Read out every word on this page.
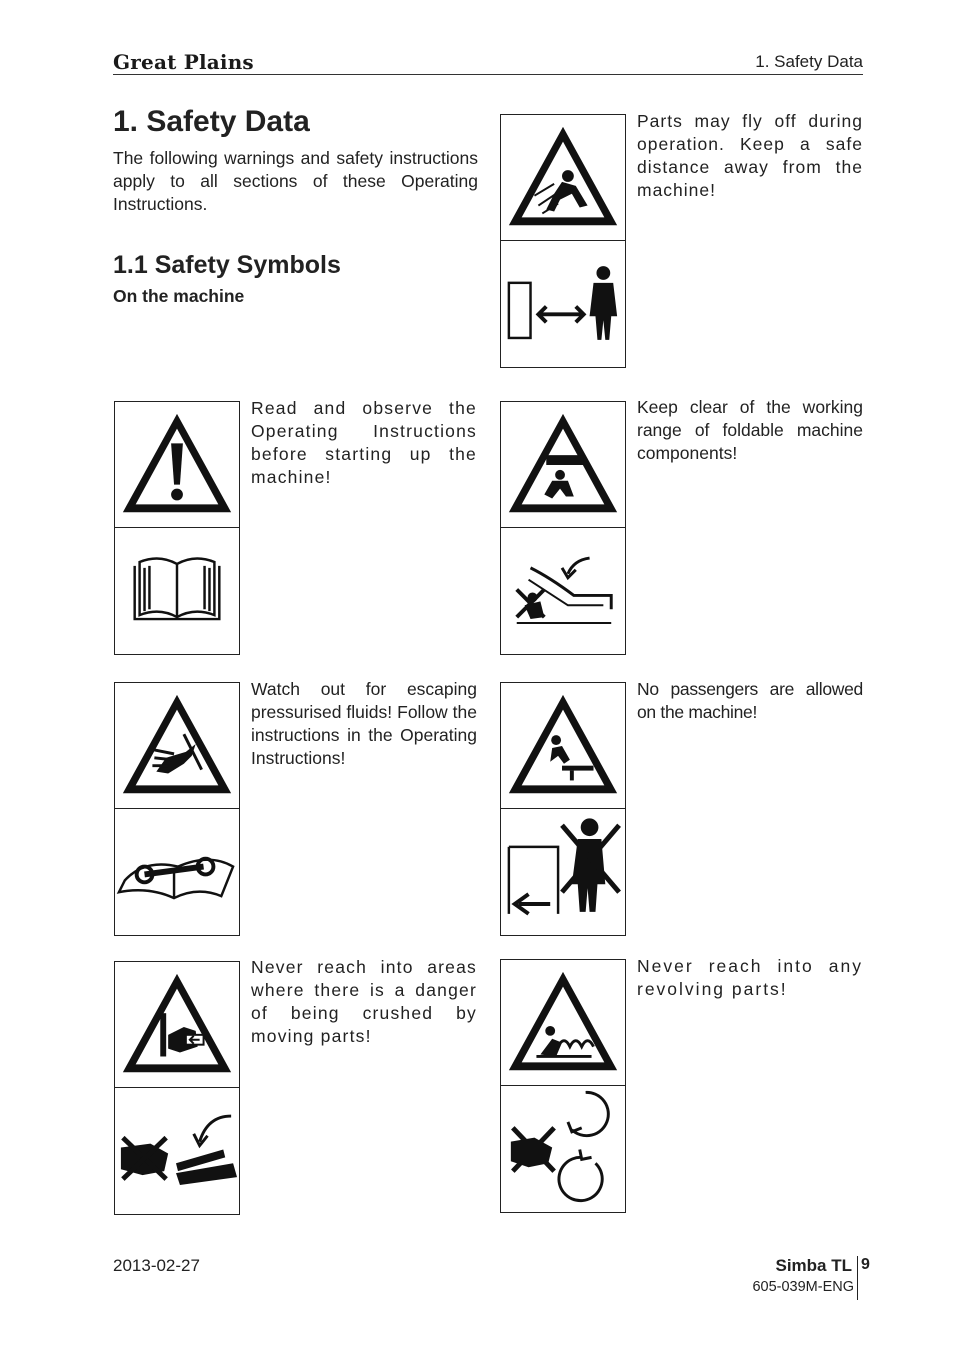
Great Plains	1. Safety Data
1. Safety Data

The following warnings and safety instructions apply to all sections of these Operating Instructions.

1.1 Safety Symbols
On the machine

Read and observe the Operating Instructions before starting up the machine!

Watch out for escaping pressurised fluids! Follow the instructions in the Operating Instructions!

Never reach into areas where there is a danger of being crushed by moving parts!

Parts may fly off during operation. Keep a safe distance away from the machine!

Keep clear of the working range of foldable machine components!

No passengers are allowed on the machine!

Never reach into any revolving parts!

2013-02-27	Simba TL 9
605-039M-ENG
